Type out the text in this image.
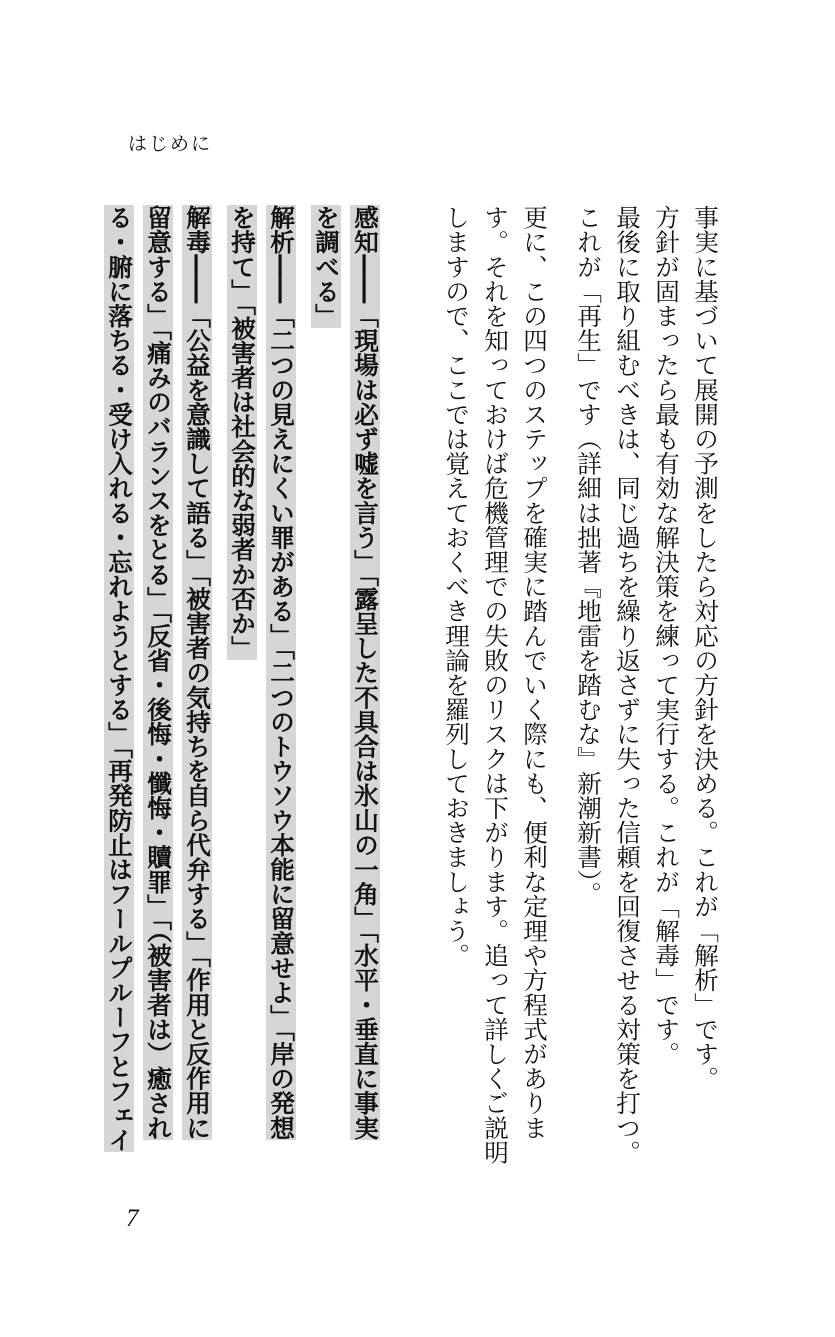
はじめに
事実に基づいて展開の予測をしたら対応の方針を決める。これが「解析」です。
方針が固まったら最も有効な解決策を練って実行する。これが「解毒」です。
最後に取り組むべきは、同じ過ちを繰り返さずに失った信頼を回復させる対策を打つ。
これが「再生」です（詳細は拙著『地雷を踏むな』新潮新書）。
更に、この四つのステップを確実に踏んでいく際にも、便利な定理や方程式がありま
す。それを知っておけば危機管理での失敗のリスクは下がります。追って詳しくご説明
しますので、ここでは覚えておくべき理論を羅列しておきましょう。
感知――「現場は必ず嘘を言う」「露呈した不具合は氷山の一角」「水平・垂直に事実
を調べる」
解析――「二つの見えにくい罪がある」「二つのトウソウ本能に留意せよ」「岸の発想
を持て」「被害者は社会的な弱者か否か」
解毒――「公益を意識して語る」「被害者の気持ちを自ら代弁する」「作用と反作用に
留意する」「痛みのバランスをとる」「反省・後悔・懺悔・贖罪」「（被害者は）癒され
る・腑に落ちる・受け入れる・忘れようとする」「再発防止はフールプルーフとフェイ
7
